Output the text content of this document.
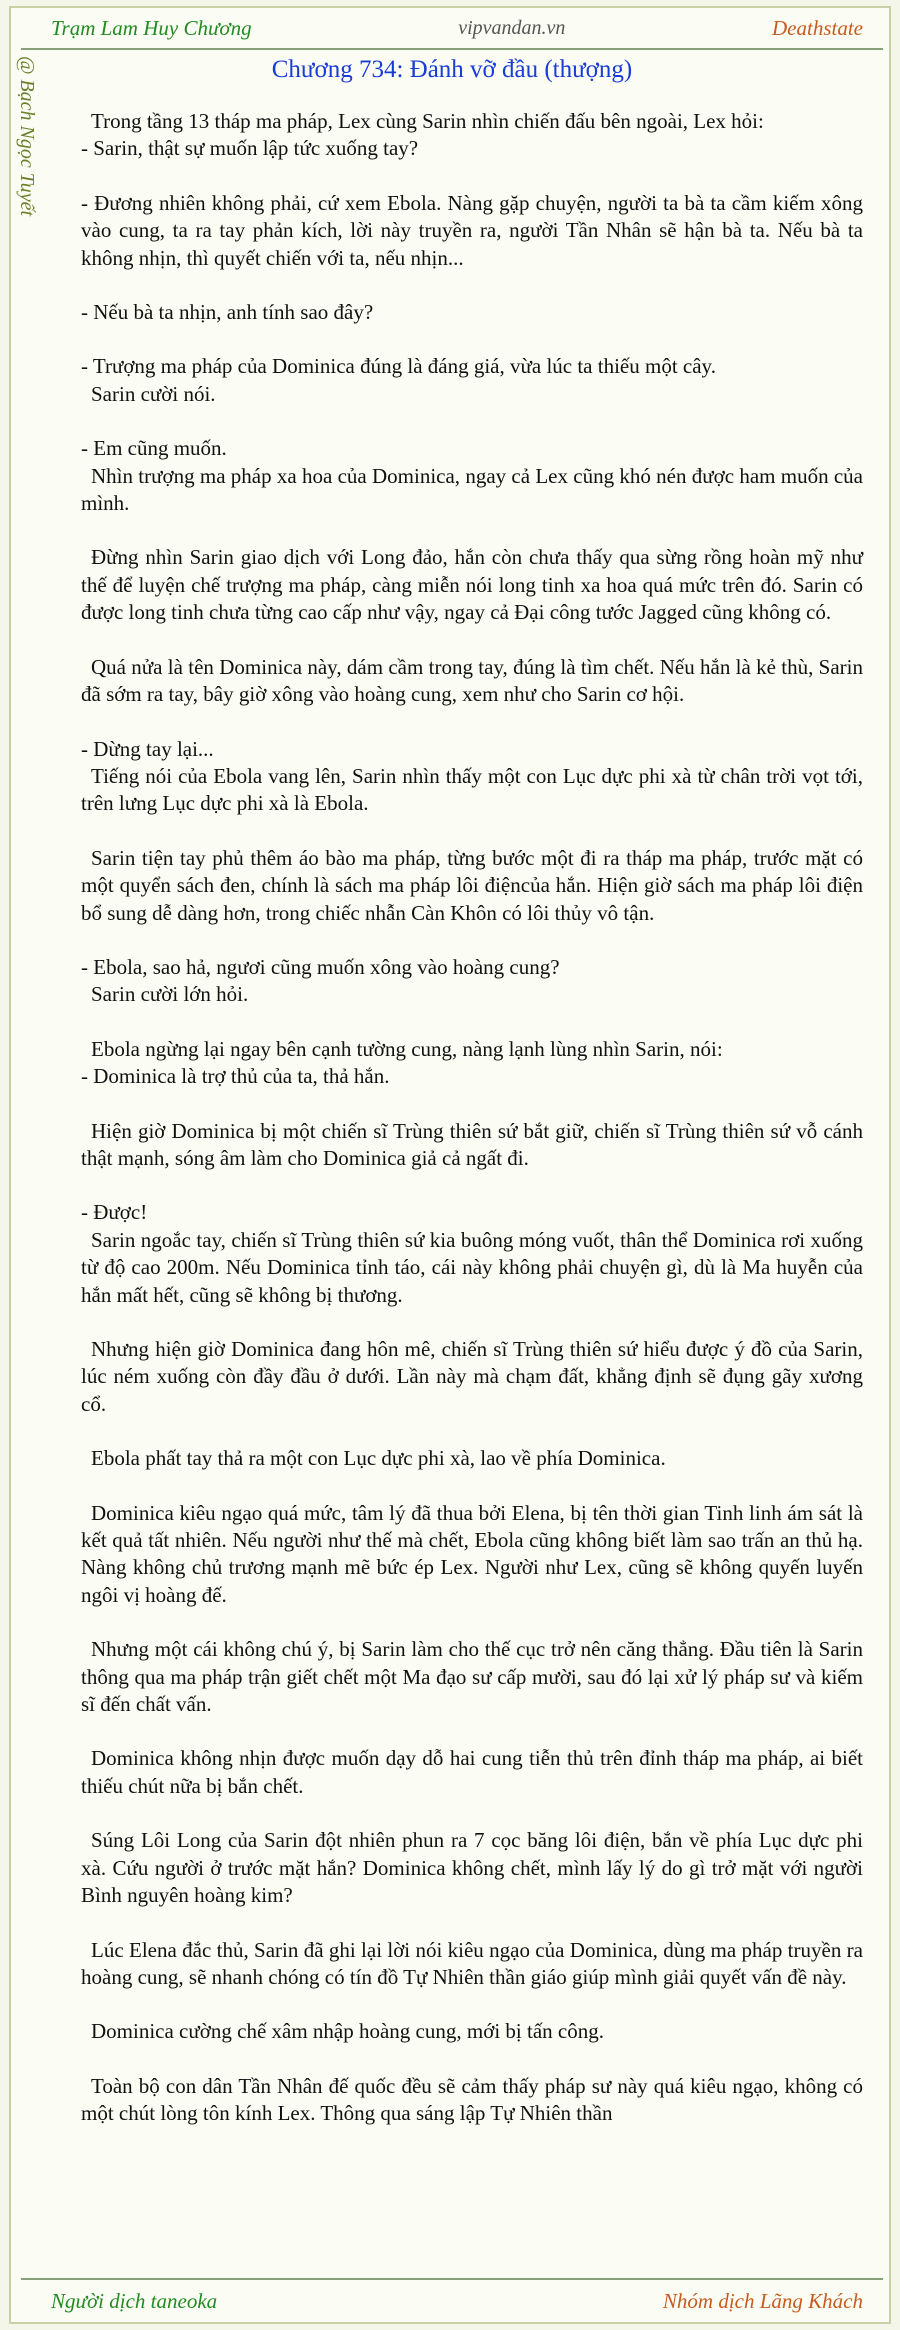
Trạm Lam Huy Chương	vipvandan.vn	Deathstate
@ Bạch Ngọc Tuyết	Chương 734: Đánh vỡ đầu (thượng)

Trong tầng 13 tháp ma pháp, Lex cùng Sarin nhìn chiến đấu bên ngoài, Lex hỏi:

- Sarin, thật sự muốn lập tức xuống tay?

- Đương nhiên không phải, cứ xem Ebola. Nàng gặp chuyện, người ta bà ta cầm kiếm xông vào cung, ta ra tay phản kích, lời này truyền ra, người Tần Nhân sẽ hận bà ta. Nếu bà ta không nhịn, thì quyết chiến với ta, nếu nhịn...

- Nếu bà ta nhịn, anh tính sao đây?

- Trượng ma pháp của Dominica đúng là đáng giá, vừa lúc ta thiếu một cây.

Sarin cười nói.

- Em cũng muốn.

Nhìn trượng ma pháp xa hoa của Dominica, ngay cả Lex cũng khó nén được ham muốn của mình.

Đừng nhìn Sarin giao dịch với Long đảo, hắn còn chưa thấy qua sừng rồng hoàn mỹ như thế để luyện chế trượng ma pháp, càng miễn nói long tinh xa hoa quá mức trên đó. Sarin có được long tinh chưa từng cao cấp như vậy, ngay cả Đại công tước Jagged cũng không có.

Quá nửa là tên Dominica này, dám cầm trong tay, đúng là tìm chết. Nếu hắn là kẻ thù, Sarin đã sớm ra tay, bây giờ xông vào hoàng cung, xem như cho Sarin cơ hội.

- Dừng tay lại...

Tiếng nói của Ebola vang lên, Sarin nhìn thấy một con Lục dực phi xà từ chân trời vọt tới, trên lưng Lục dực phi xà là Ebola.

Sarin tiện tay phủ thêm áo bào ma pháp, từng bước một đi ra tháp ma pháp, trước mặt có một quyển sách đen, chính là sách ma pháp lôi điệncủa hắn. Hiện giờ sách ma pháp lôi điện bổ sung dễ dàng hơn, trong chiếc nhẫn Càn Khôn có lôi thủy vô tận.

- Ebola, sao hả, ngươi cũng muốn xông vào hoàng cung?

Sarin cười lớn hỏi.

Ebola ngừng lại ngay bên cạnh tường cung, nàng lạnh lùng nhìn Sarin, nói:

- Dominica là trợ thủ của ta, thả hắn.

Hiện giờ Dominica bị một chiến sĩ Trùng thiên sứ bắt giữ, chiến sĩ Trùng thiên sứ vỗ cánh thật mạnh, sóng âm làm cho Dominica giả cả ngất đi.

- Được!

Sarin ngoắc tay, chiến sĩ Trùng thiên sứ kia buông móng vuốt, thân thể Dominica rơi xuống từ độ cao 200m. Nếu Dominica tỉnh táo, cái này không phải chuyện gì, dù là Ma huyễn của hắn mất hết, cũng sẽ không bị thương.

Nhưng hiện giờ Dominica đang hôn mê, chiến sĩ Trùng thiên sứ hiểu được ý đồ của Sarin, lúc ném xuống còn đầy đầu ở dưới. Lần này mà chạm đất, khẳng định sẽ đụng gãy xương cổ.

Ebola phất tay thả ra một con Lục dực phi xà, lao về phía Dominica.

Dominica kiêu ngạo quá mức, tâm lý đã thua bởi Elena, bị tên thời gian Tinh linh ám sát là kết quả tất nhiên. Nếu người như thế mà chết, Ebola cũng không biết làm sao trấn an thủ hạ. Nàng không chủ trương mạnh mẽ bức ép Lex. Người như Lex, cũng sẽ không quyến luyến ngôi vị hoàng đế.

Nhưng một cái không chú ý, bị Sarin làm cho thế cục trở nên căng thẳng. Đầu tiên là Sarin thông qua ma pháp trận giết chết một Ma đạo sư cấp mười, sau đó lại xử lý pháp sư và kiếm sĩ đến chất vấn.

Dominica không nhịn được muốn dạy dỗ hai cung tiễn thủ trên đỉnh tháp ma pháp, ai biết thiếu chút nữa bị bắn chết.

Súng Lôi Long của Sarin đột nhiên phun ra 7 cọc băng lôi điện, bắn về phía Lục dực phi xà. Cứu người ở trước mặt hắn? Dominica không chết, mình lấy lý do gì trở mặt với người Bình nguyên hoàng kim?

Lúc Elena đắc thủ, Sarin đã ghi lại lời nói kiêu ngạo của Dominica, dùng ma pháp truyền ra hoàng cung, sẽ nhanh chóng có tín đồ Tự Nhiên thần giáo giúp mình giải quyết vấn đề này.

Dominica cường chế xâm nhập hoàng cung, mới bị tấn công.

Toàn bộ con dân Tần Nhân đế quốc đều sẽ cảm thấy pháp sư này quá kiêu ngạo, không có một chút lòng tôn kính Lex. Thông qua sáng lập Tự Nhiên thần

Người dịch taneoka	Nhóm dịch Lãng Khách
